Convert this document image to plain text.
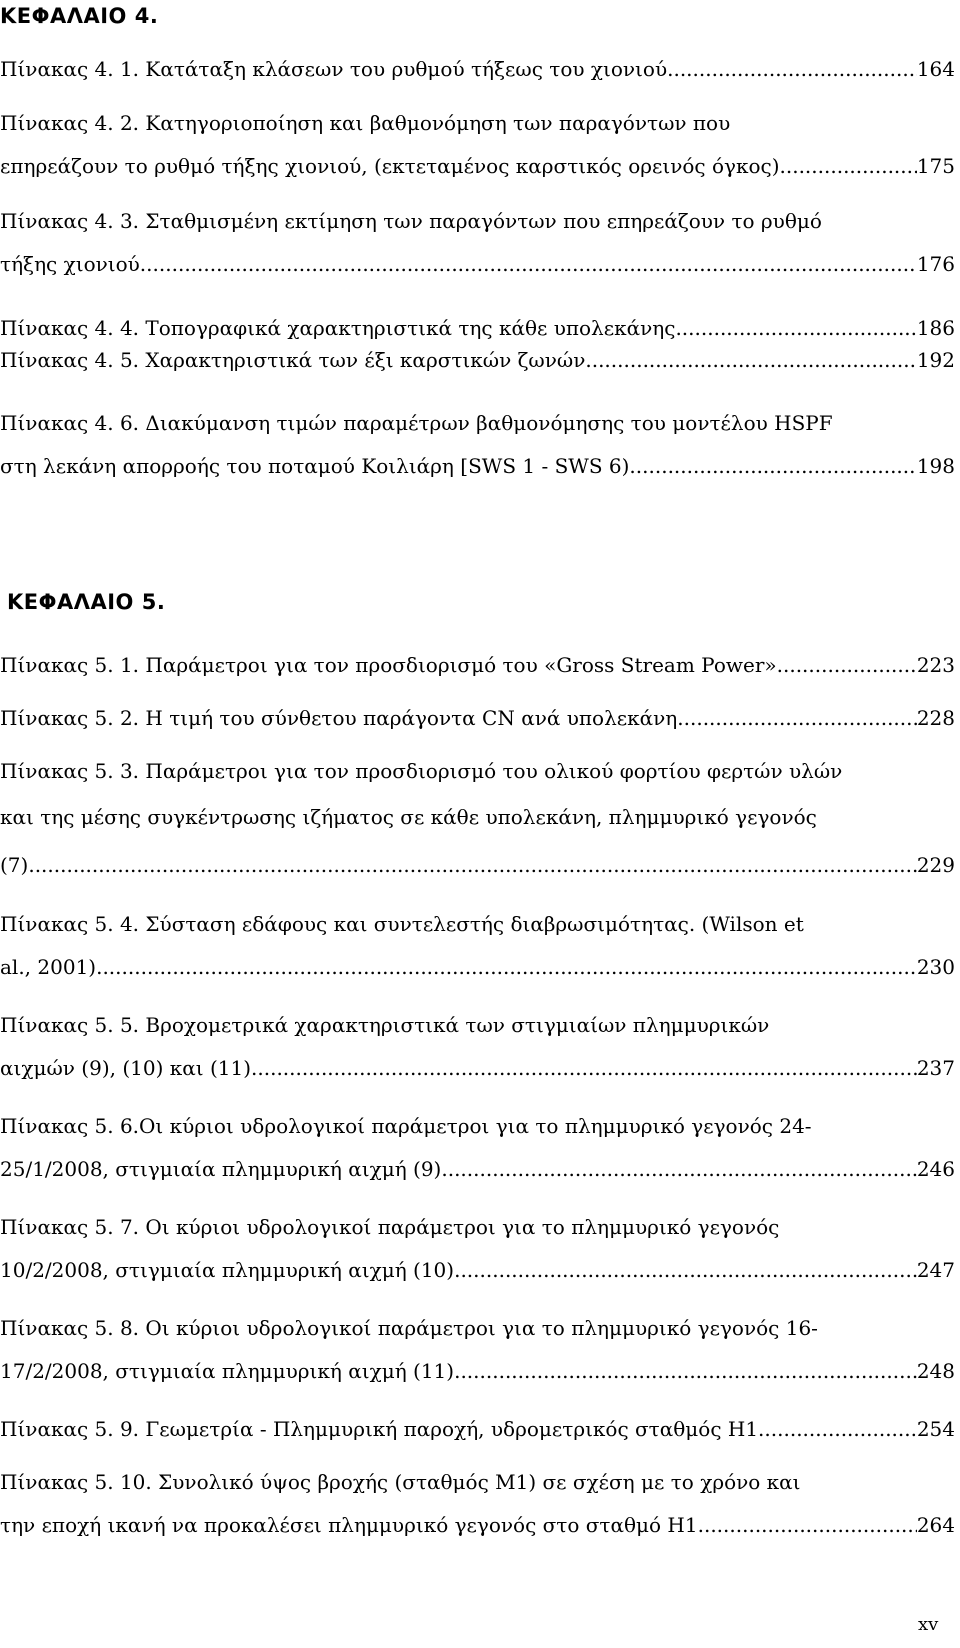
ΚΕΦΑΛΑΙΟ 4.
Πίνακας 4. 1. Κατάταξη κλάσεων του ρυθμού τήξεως του χιονιού. .....	164
Πίνακας 4. 2. Κατηγοριοποίηση και βαθμονόμηση των παραγόντων που
επηρεάζουν το ρυθμό τήξης χιονιού, (εκτεταμένος καρστικός ορεινός όγκος). .....	175
Πίνακας 4. 3. Σταθμισμένη εκτίμηση των παραγόντων που επηρεάζουν το ρυθμό
τήξης χιονιού. .....	176
Πίνακας 4. 4. Τοπογραφικά χαρακτηριστικά της κάθε υπολεκάνης. .....	186
Πίνακας 4. 5. Χαρακτηριστικά των έξι καρστικών ζωνών. .....	192
Πίνακας 4. 6. Διακύμανση τιμών παραμέτρων βαθμονόμησης του μοντέλου HSPF
στη λεκάνη απορροής του ποταμού Κοιλιάρη [SWS 1 - SWS 6). .....	198
ΚΕΦΑΛΑΙΟ 5.
Πίνακας 5. 1. Παράμετροι για τον προσδιορισμό του «Gross Stream Power» .....	223
Πίνακας 5. 2. Η τιμή του σύνθετου παράγοντα CN ανά υπολεκάνη. .....	228
Πίνακας 5. 3. Παράμετροι για τον προσδιορισμό του ολικού φορτίου φερτών υλών
και της μέσης συγκέντρωσης ιζήματος σε κάθε υπολεκάνη, πλημμυρικό γεγονός
(7). .....	229
Πίνακας 5. 4. Σύσταση εδάφους και συντελεστής διαβρωσιμότητας. (Wilson et
al., 2001). .....	230
Πίνακας 5. 5. Βροχομετρικά χαρακτηριστικά των στιγμιαίων πλημμυρικών
αιχμών (9), (10) και (11). .....	237
Πίνακας 5. 6.Οι κύριοι υδρολογικοί παράμετροι για το πλημμυρικό γεγονός 24-
25/1/2008, στιγμιαία πλημμυρική αιχμή (9) .....	246
Πίνακας 5. 7. Οι κύριοι υδρολογικοί παράμετροι για το πλημμυρικό γεγονός
10/2/2008, στιγμιαία πλημμυρική αιχμή (10) .....	247
Πίνακας 5. 8. Οι κύριοι υδρολογικοί παράμετροι για το πλημμυρικό γεγονός 16-
17/2/2008, στιγμιαία πλημμυρική αιχμή (11) .....	248
Πίνακας 5. 9. Γεωμετρία - Πλημμυρική παροχή, υδρομετρικός σταθμός Η1 .....	254
Πίνακας 5. 10. Συνολικό ύψος βροχής (σταθμός Μ1) σε σχέση με το χρόνο και
την εποχή ικανή να προκαλέσει πλημμυρικό γεγονός στο σταθμό Η1 .....	264
xv
